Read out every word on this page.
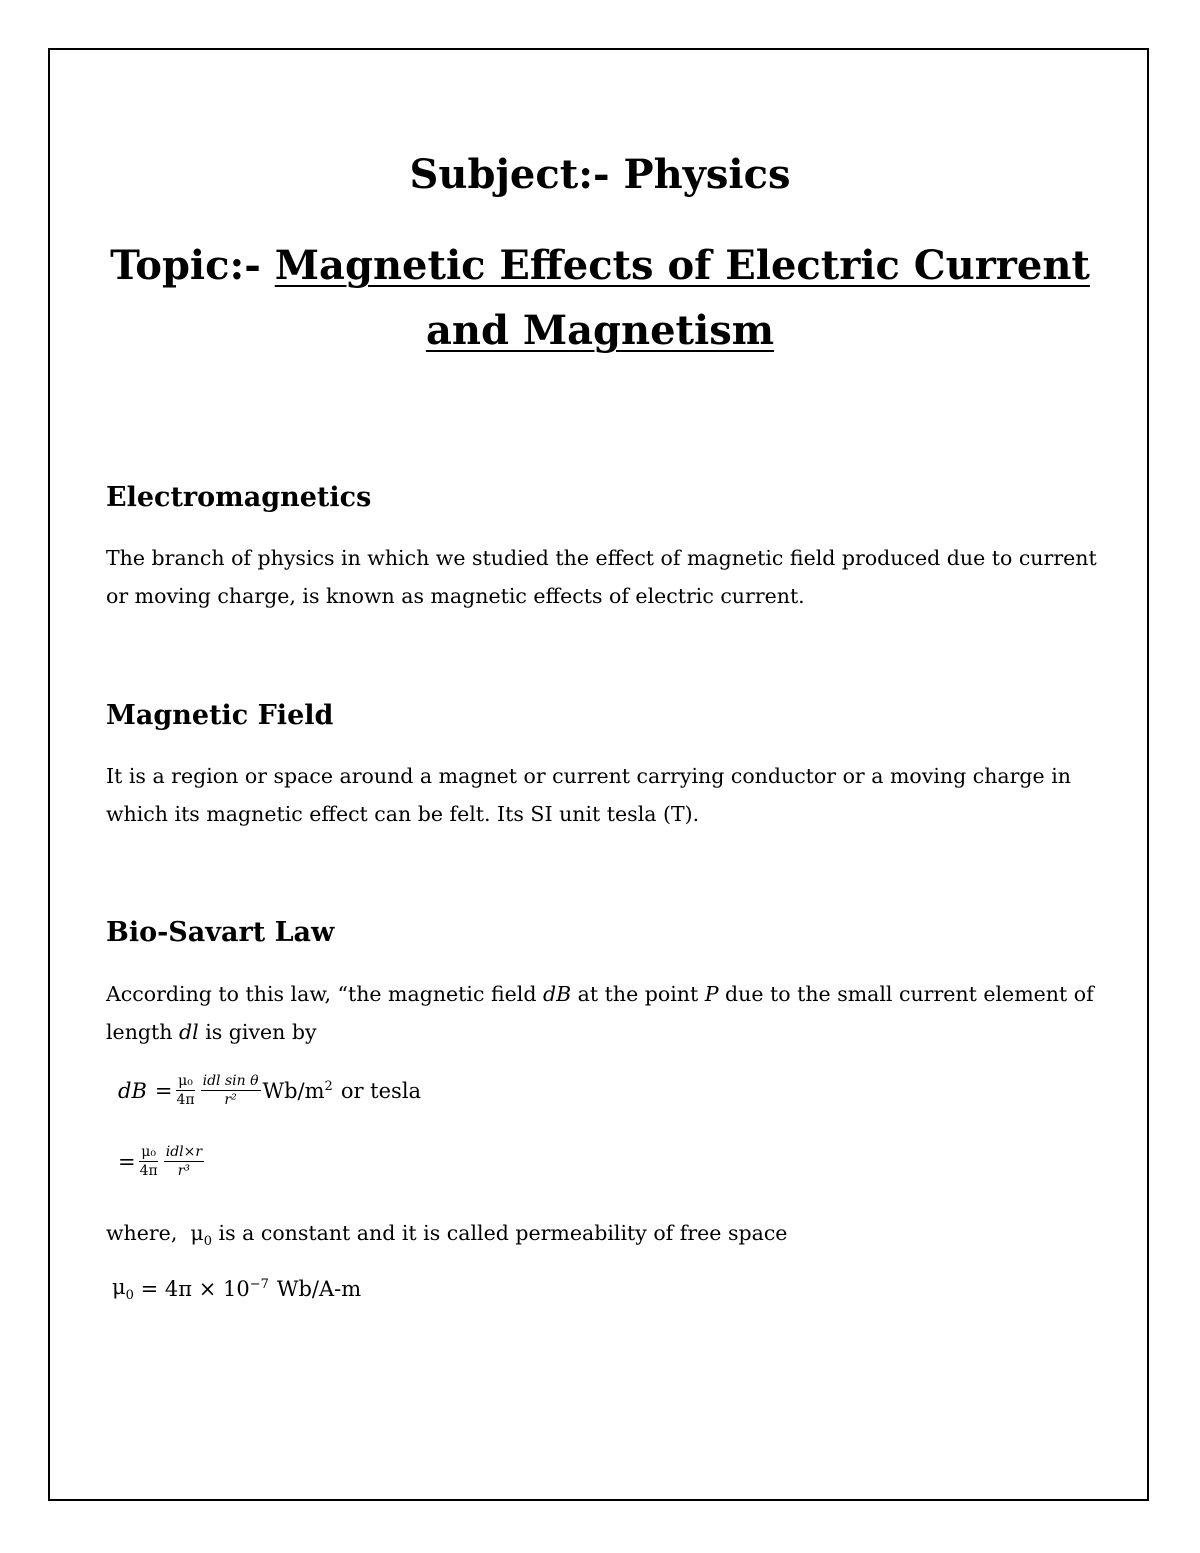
Subject:- Physics
Topic:- Magnetic Effects of Electric Current
and Magnetism
Electromagnetics
The branch of physics in which we studied the effect of magnetic field produced due to current or moving charge, is known as magnetic effects of electric current.
Magnetic Field
It is a region or space around a magnet or current carrying conductor or a moving charge in which its magnetic effect can be felt. Its SI unit tesla (T).
Bio-Savart Law
According to this law, “the magnetic field dB at the point P due to the small current element of length dl is given by
dB = $\frac{\text{μ₀}}{4\pi} \frac{\text{idl sin θ}}{\text{r²}} Wb/m^2$ or tesla
= $\frac{\text{μ₀}}{4\pi} \frac{\text{idl×r}}{\text{r³}}$
where, $\mu_0$ is a constant and it is called permeability of free space
$\mu_0 = 4\pi \times 10^{-7}$ Wb/A-m
